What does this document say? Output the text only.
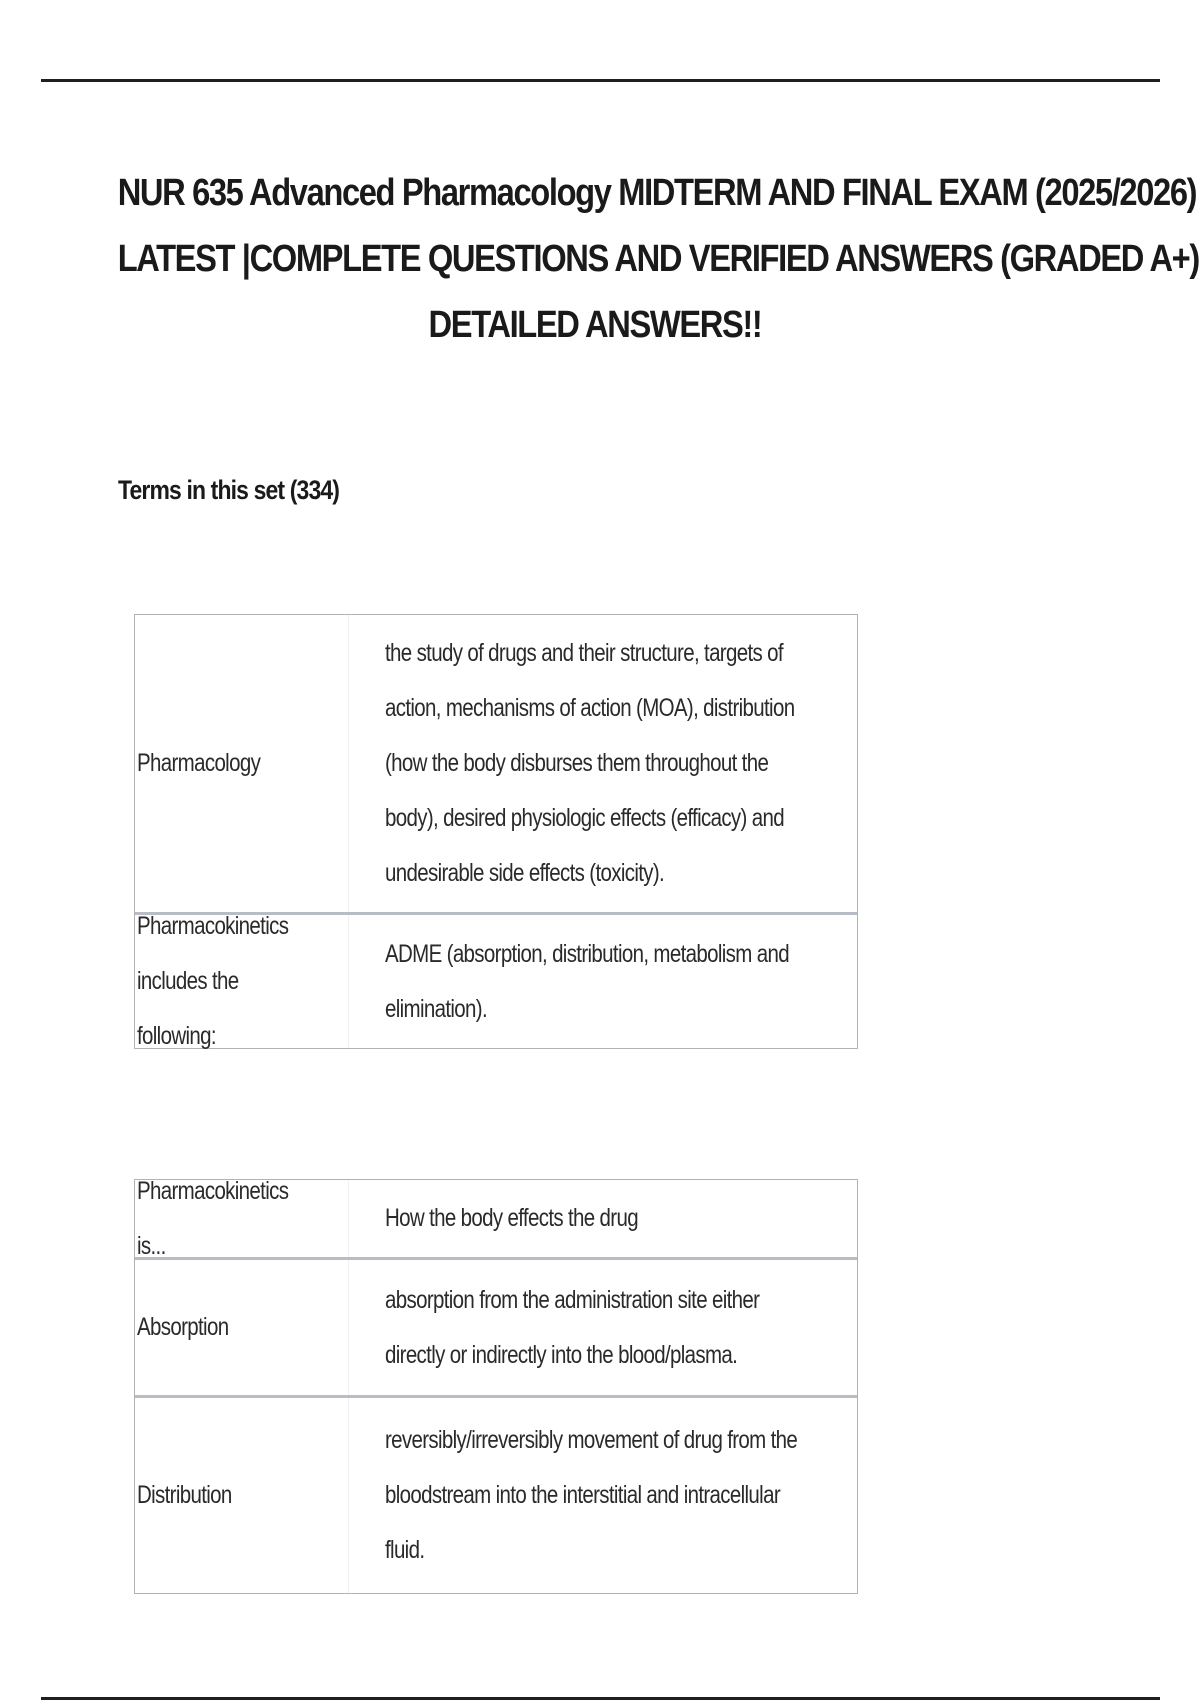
NUR 635 Advanced Pharmacology MIDTERM AND FINAL EXAM (2025/2026)
LATEST |COMPLETE QUESTIONS AND VERIFIED ANSWERS (GRADED A+)
DETAILED ANSWERS!!
Terms in this set (334)
Pharmacology
the study of drugs and their structure, targets of
action, mechanisms of action (MOA), distribution
(how the body disburses them throughout the
body), desired physiologic effects (efficacy) and
undesirable side effects (toxicity).
Pharmacokinetics
includes the following:
ADME (absorption, distribution, metabolism and
elimination).
Pharmacokinetics is...
How the body effects the drug
Absorption
absorption from the administration site either
directly or indirectly into the blood/plasma.
Distribution
reversibly/irreversibly movement of drug from the
bloodstream into the interstitial and intracellular
fluid.
